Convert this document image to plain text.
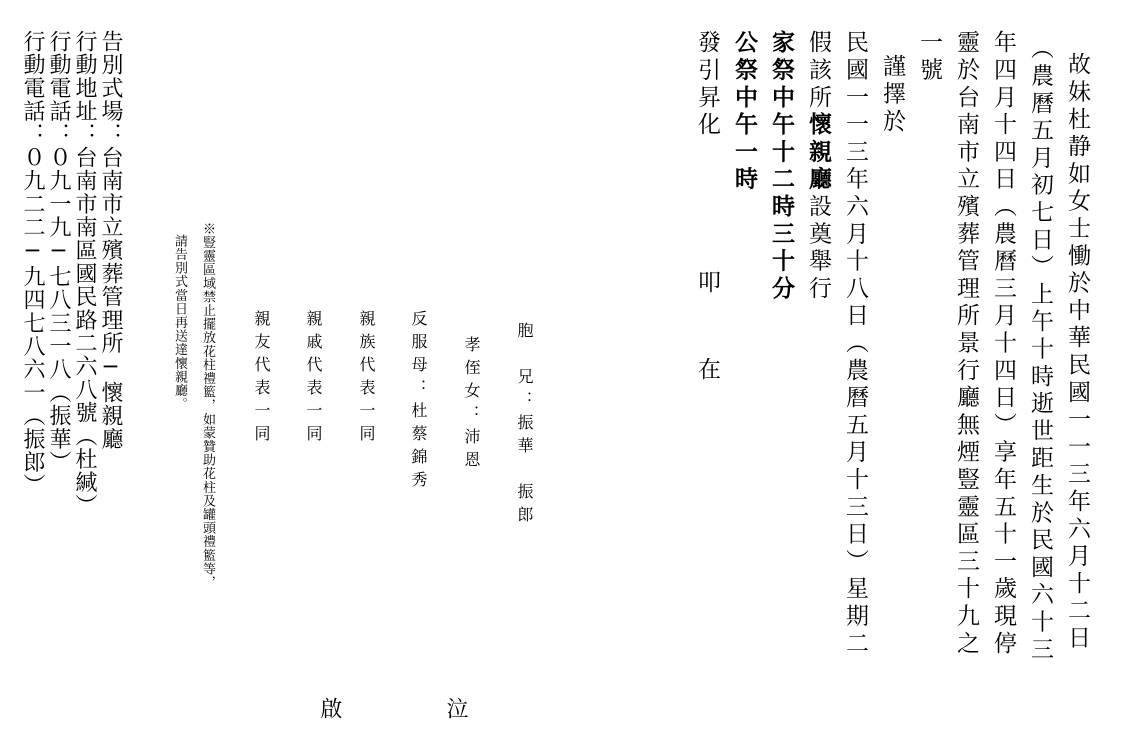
故妹杜静如女士慟於中華民國一一三年六月十二日

（農曆五月初七日）上午十時逝世距生於民國六十三

年四月十四日（農曆三月十四日）享年五十一歲現停

靈於台南市立殯葬管理所景行廳無煙豎靈區三十九之

一號

謹擇於

民國一一三年六月十八日（農曆五月十三日）星期二

假該所懷親廳設奠舉行

家祭中午十二時三十分

公祭中午一時

發引昇化

叩

在

胞　兄：振華　振郎

孝侄女：沛恩

反服母：杜蔡錦秀

親族代表一同

親戚代表一同

親友代表一同

泣

啟

※豎靈區域禁止擺放花柱禮籃，如蒙贊助花柱及罐頭禮籃等，

請告別式當日再送達懷親廳。

告別式場：台南市立殯葬管理所─懷親廳

行動地址：台南市南區國民路二六八號（杜緘）

行動電話：０九一九─七八三一八（振華）

行動電話：０九二二─九四七八六一（振郎）
